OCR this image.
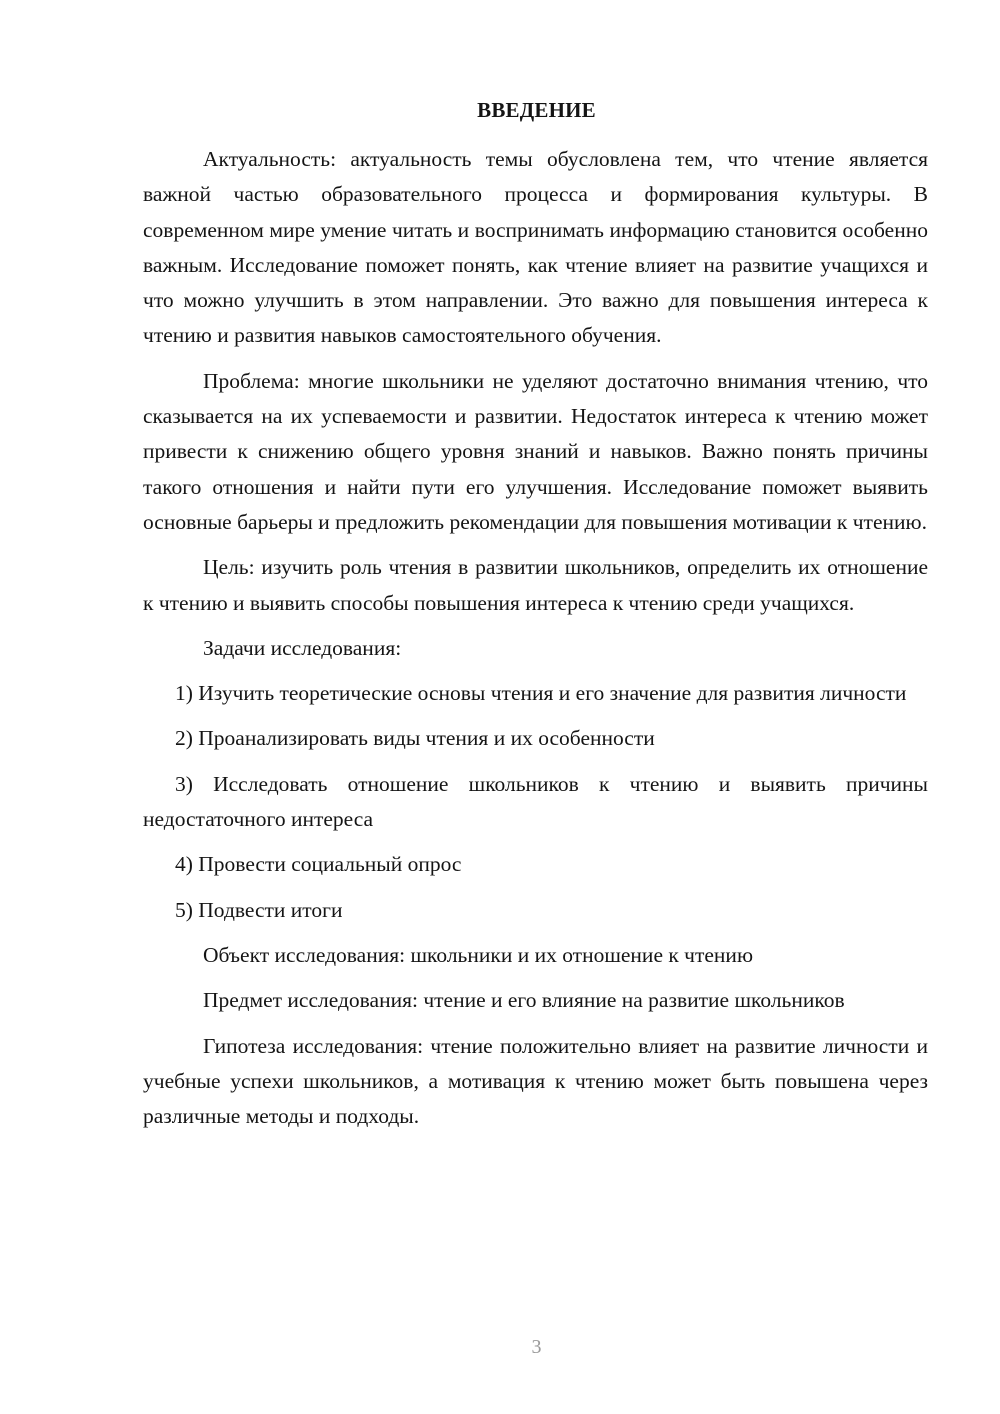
ВВЕДЕНИЕ

Актуальность: актуальность темы обусловлена тем, что чтение является важной частью образовательного процесса и формирования культуры. В современном мире умение читать и воспринимать информацию становится особенно важным. Исследование поможет понять, как чтение влияет на развитие учащихся и что можно улучшить в этом направлении. Это важно для повышения интереса к чтению и развития навыков самостоятельного обучения.

Проблема: многие школьники не уделяют достаточно внимания чтению, что сказывается на их успеваемости и развитии. Недостаток интереса к чтению может привести к снижению общего уровня знаний и навыков. Важно понять причины такого отношения и найти пути его улучшения. Исследование поможет выявить основные барьеры и предложить рекомендации для повышения мотивации к чтению.

Цель: изучить роль чтения в развитии школьников, определить их отношение к чтению и выявить способы повышения интереса к чтению среди учащихся.

Задачи исследования:

1) Изучить теоретические основы чтения и его значение для развития личности

2) Проанализировать виды чтения и их особенности

3) Исследовать отношение школьников к чтению и выявить причины недостаточного интереса

4) Провести социальный опрос

5) Подвести итоги

Объект исследования: школьники и их отношение к чтению

Предмет исследования: чтение и его влияние на развитие школьников

Гипотеза исследования: чтение положительно влияет на развитие личности и учебные успехи школьников, а мотивация к чтению может быть повышена через различные методы и подходы.

3
